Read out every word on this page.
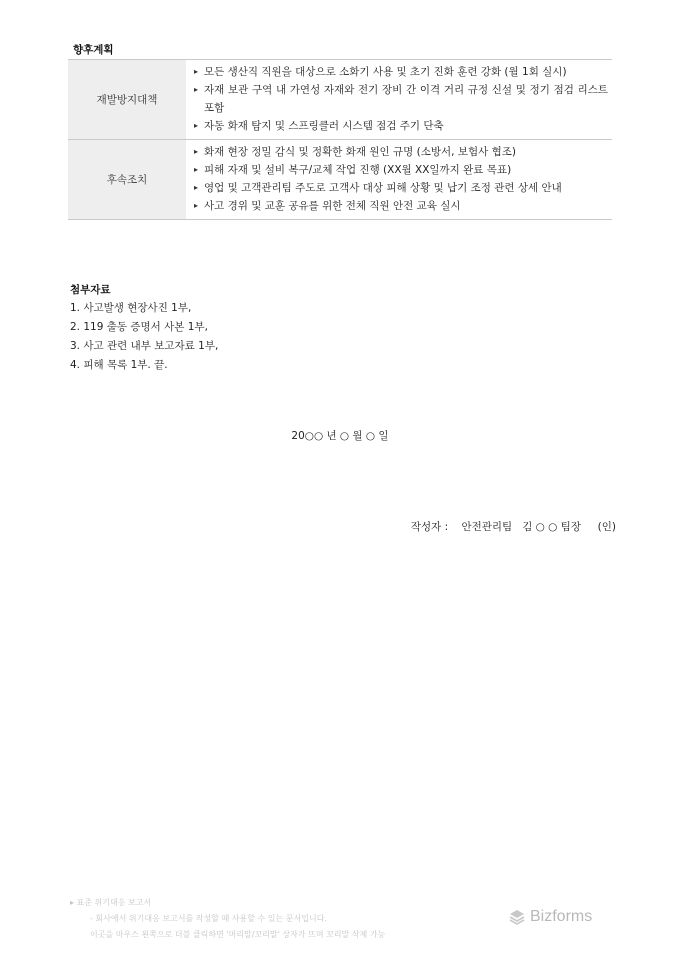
향후계획
재발방지대책	▸ 모든 생산직 직원을 대상으로 소화기 사용 및 초기 진화 훈련 강화 (월 1회 실시)
▸ 자재 보관 구역 내 가연성 자재와 전기 장비 간 이격 거리 규정 신설 및 정기 점검 리스트 포함
▸ 자동 화재 탐지 및 스프링클러 시스템 점검 주기 단축

후속조치	▸ 화재 현장 정밀 감식 및 정확한 화재 원인 규명 (소방서, 보험사 협조)
▸ 피해 자재 및 설비 복구/교체 작업 진행 (XX월 XX일까지 완료 목표)
▸ 영업 및 고객관리팀 주도로 고객사 대상 피해 상황 및 납기 조정 관련 상세 안내
▸ 사고 경위 및 교훈 공유를 위한 전체 직원 안전 교육 실시
첨부자료
1. 사고발생 현장사진 1부,
2. 119 출동 증명서 사본 1부,
3. 사고 관련 내부 보고자료 1부,
4. 피해 목록 1부. 끝.
20○○ 년 ○ 월 ○ 일
작성자 :    안전관리팀   김 ○ ○ 팀장     (인)
▸ 표준 위기대응 보고서
- 회사에서 위기대응 보고서를 작성할 때 사용할 수 있는 문서입니다.
이곳을 마우스 왼쪽으로 더블 클릭하면 '머리말/꼬리말' 상자가 뜨며 꼬리말 삭제 가능
Bizforms
